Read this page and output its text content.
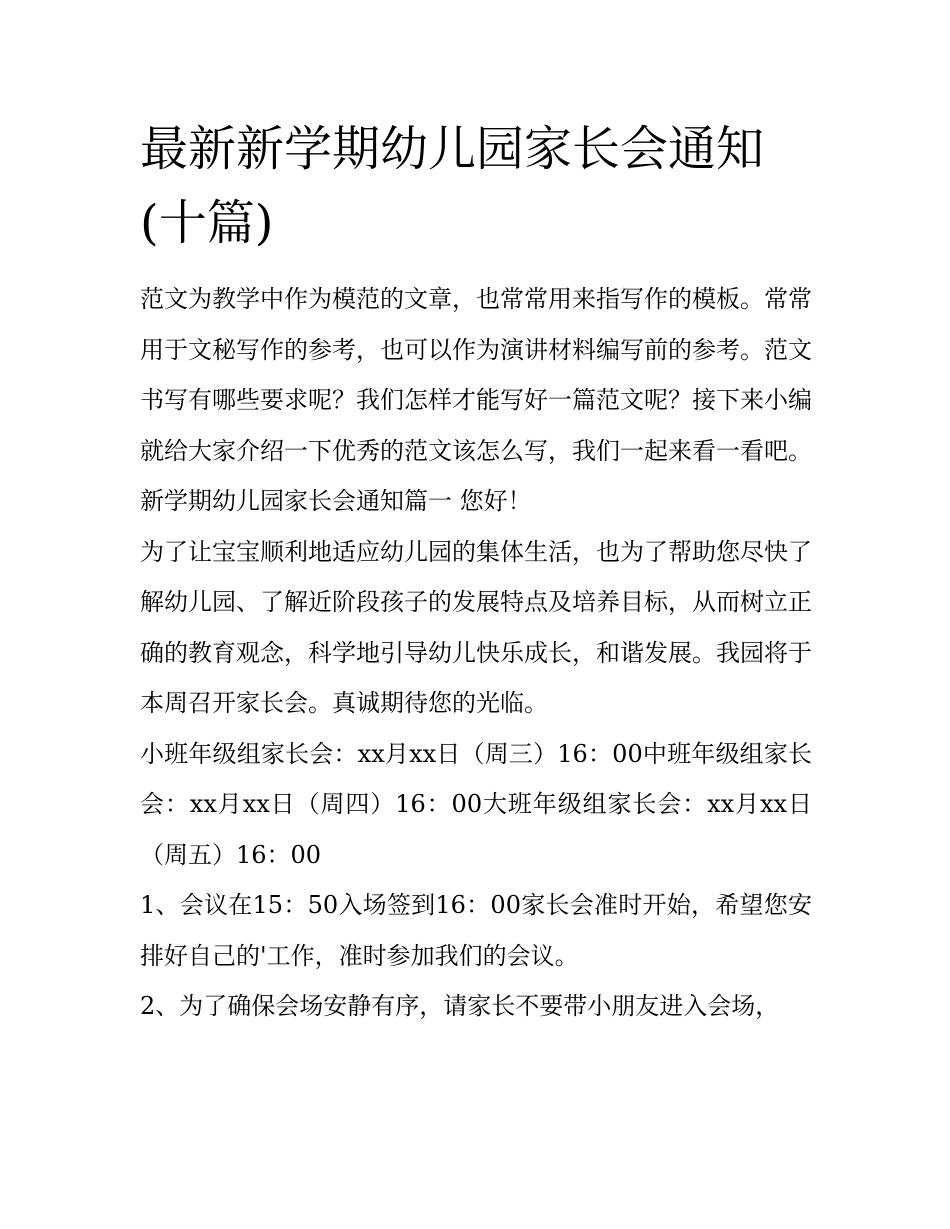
最新新学期幼儿园家长会通知(十篇)

范文为教学中作为模范的文章，也常常用来指写作的模板。常常用于文秘写作的参考，也可以作为演讲材料编写前的参考。范文书写有哪些要求呢？我们怎样才能写好一篇范文呢？接下来小编就给大家介绍一下优秀的范文该怎么写，我们一起来看一看吧。

新学期幼儿园家长会通知篇一 您好！

为了让宝宝顺利地适应幼儿园的集体生活，也为了帮助您尽快了解幼儿园、了解近阶段孩子的发展特点及培养目标，从而树立正确的教育观念，科学地引导幼儿快乐成长，和谐发展。我园将于本周召开家长会。真诚期待您的光临。

小班年级组家长会：xx月xx日（周三）16：00中班年级组家长会：xx月xx日（周四）16：00大班年级组家长会：xx月xx日（周五）16：00

1、会议在15：50入场签到16：00家长会准时开始，希望您安排好自己的'工作，准时参加我们的会议。

2、为了确保会场安静有序，请家长不要带小朋友进入会场，
